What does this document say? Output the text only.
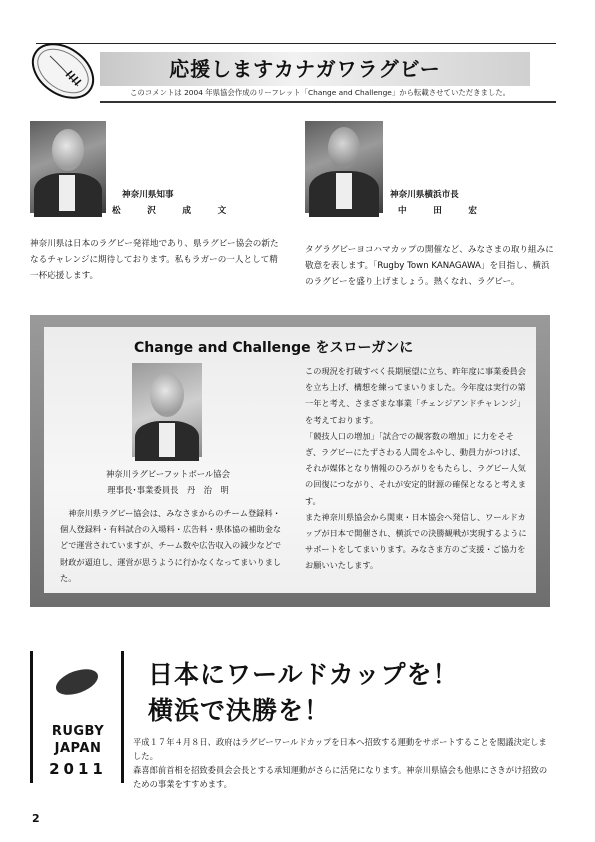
応援しますカナガワラグビー
このコメントは 2004 年県協会作成のリーフレット「Change and Challenge」から転載させていただきました。
神奈川県知事
松　沢　成　文
神奈川県は日本のラグビー発祥地であり、県ラグビー協会の新たなるチャレンジに期待しております。私もラガーの一人として精一杯応援します。
神奈川県横浜市長
中　田　宏
タグラグビーヨコハマカップの開催など、みなさまの取り組みに敬意を表します。「Rugby Town KANAGAWA」を目指し、横浜のラグビーを盛り上げましょう。熱くなれ、ラグビー。
Change and Challenge をスローガンに
神奈川ラグビーフットボール協会
理事長･事業委員長　丹　治　明
神奈川県ラグビー協会は、みなさまからのチーム登録料・個人登録料・有料試合の入場料・広告料・県体協の補助金などで運営されていますが、チーム数や広告収入の減少などで財政が逼迫し、運営が思うように行かなくなってまいりました。
この現況を打破すべく長期展望に立ち、昨年度に事業委員会を立ち上げ、構想を練ってまいりました。今年度は実行の第一年と考え、さまざまな事業「チェンジアンドチャレンジ」を考えております。
「競技人口の増加」「試合での観客数の増加」に力をそそぎ、ラグビーにたずさわる人間をふやし、動員力がつけば、それが媒体となり情報のひろがりをもたらし、ラグビー人気の回復につながり、それが安定的財源の確保となると考えます。
また神奈川県協会から関東・日本協会へ発信し、ワールドカップが日本で開催され、横浜での決勝観戦が実現するようにサポートをしてまいります。みなさま方のご支援・ご協力をお願いいたします。
RUGBY
JAPAN
2011
日本にワールドカップを！
横浜で決勝を！
平成１７年４月８日、政府はラグビーワールドカップを日本へ招致する運動をサポートすることを閣議決定しました。
森喜郎前首相を招致委員会会長とする承知運動がさらに活発になります。神奈川県協会も他県にさきがけ招致のための事業をすすめます。
2
